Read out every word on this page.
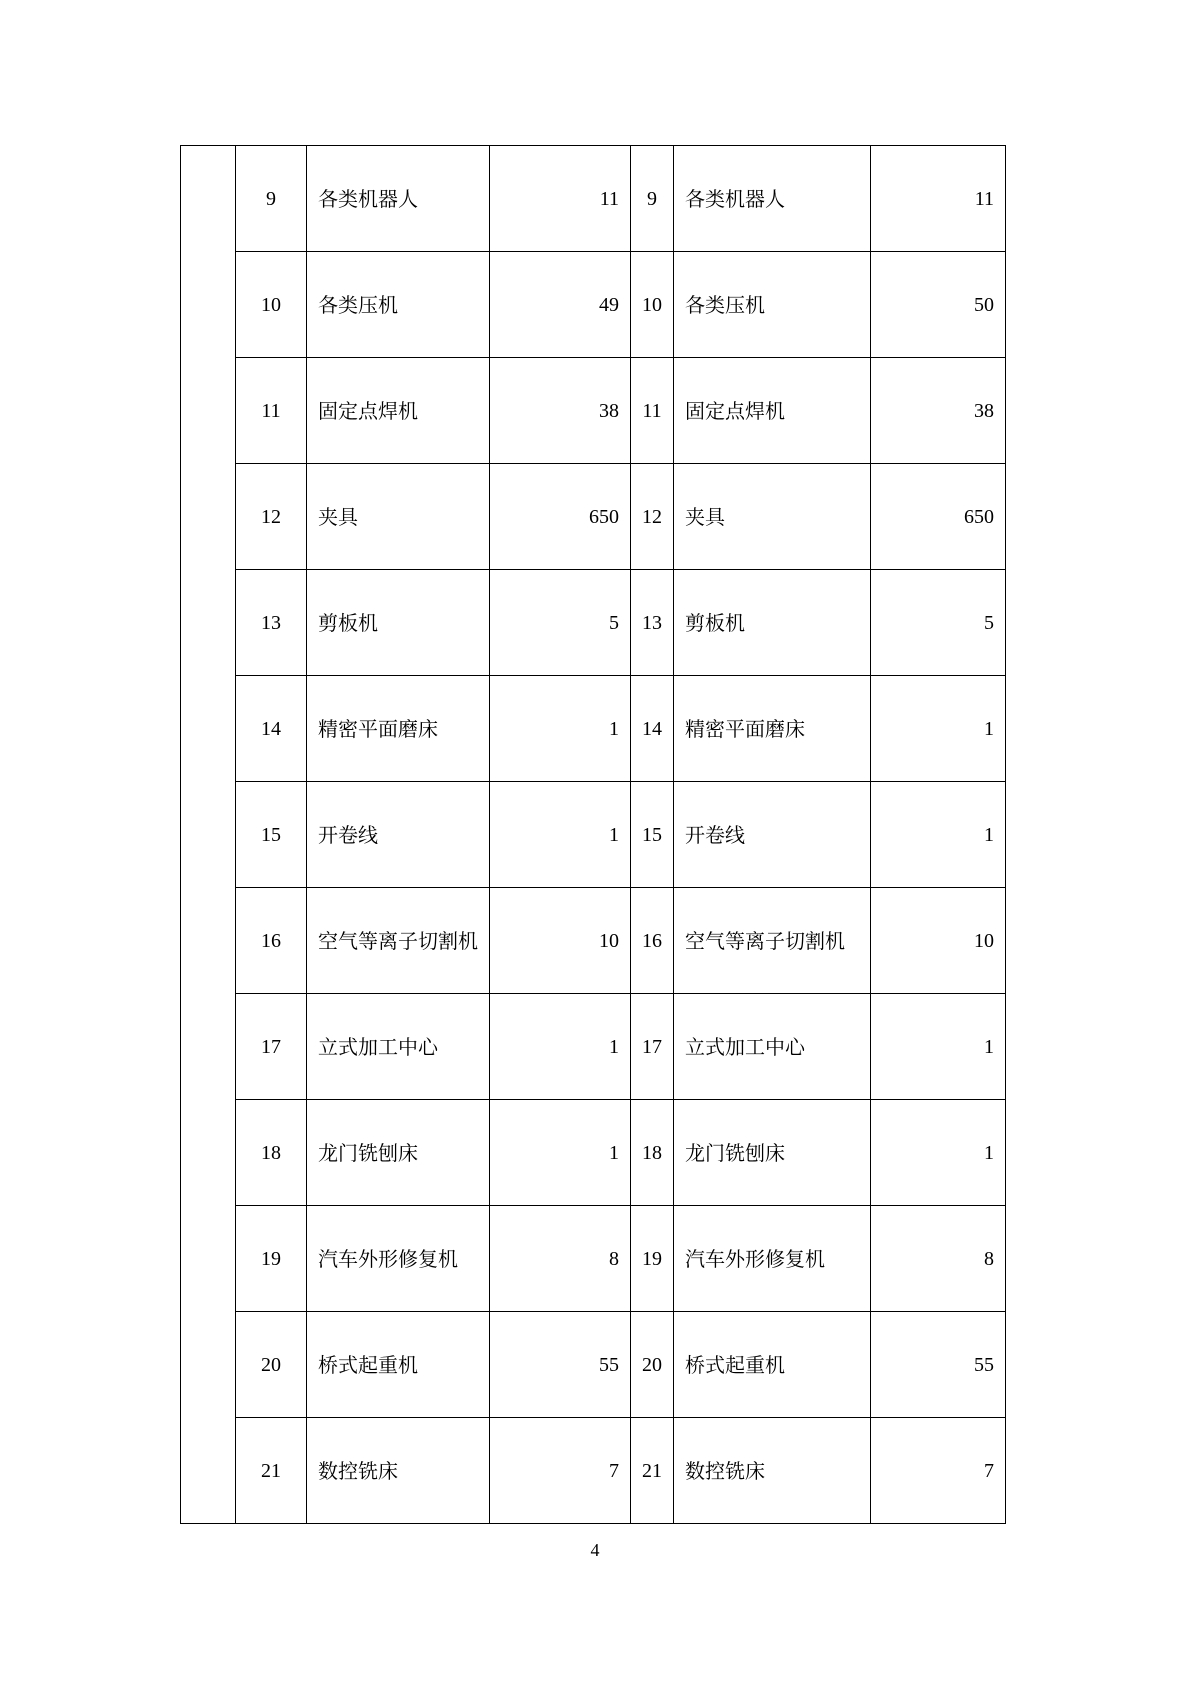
	9	各类机器人	11	9	各类机器人	11
	10	各类压机	49	10	各类压机	50
	11	固定点焊机	38	11	固定点焊机	38
	12	夹具	650	12	夹具	650
	13	剪板机	5	13	剪板机	5
	14	精密平面磨床	1	14	精密平面磨床	1
	15	开卷线	1	15	开卷线	1
	16	空气等离子切割机	10	16	空气等离子切割机	10
	17	立式加工中心	1	17	立式加工中心	1
	18	龙门铣刨床	1	18	龙门铣刨床	1
	19	汽车外形修复机	8	19	汽车外形修复机	8
	20	桥式起重机	55	20	桥式起重机	55
	21	数控铣床	7	21	数控铣床	7
4
